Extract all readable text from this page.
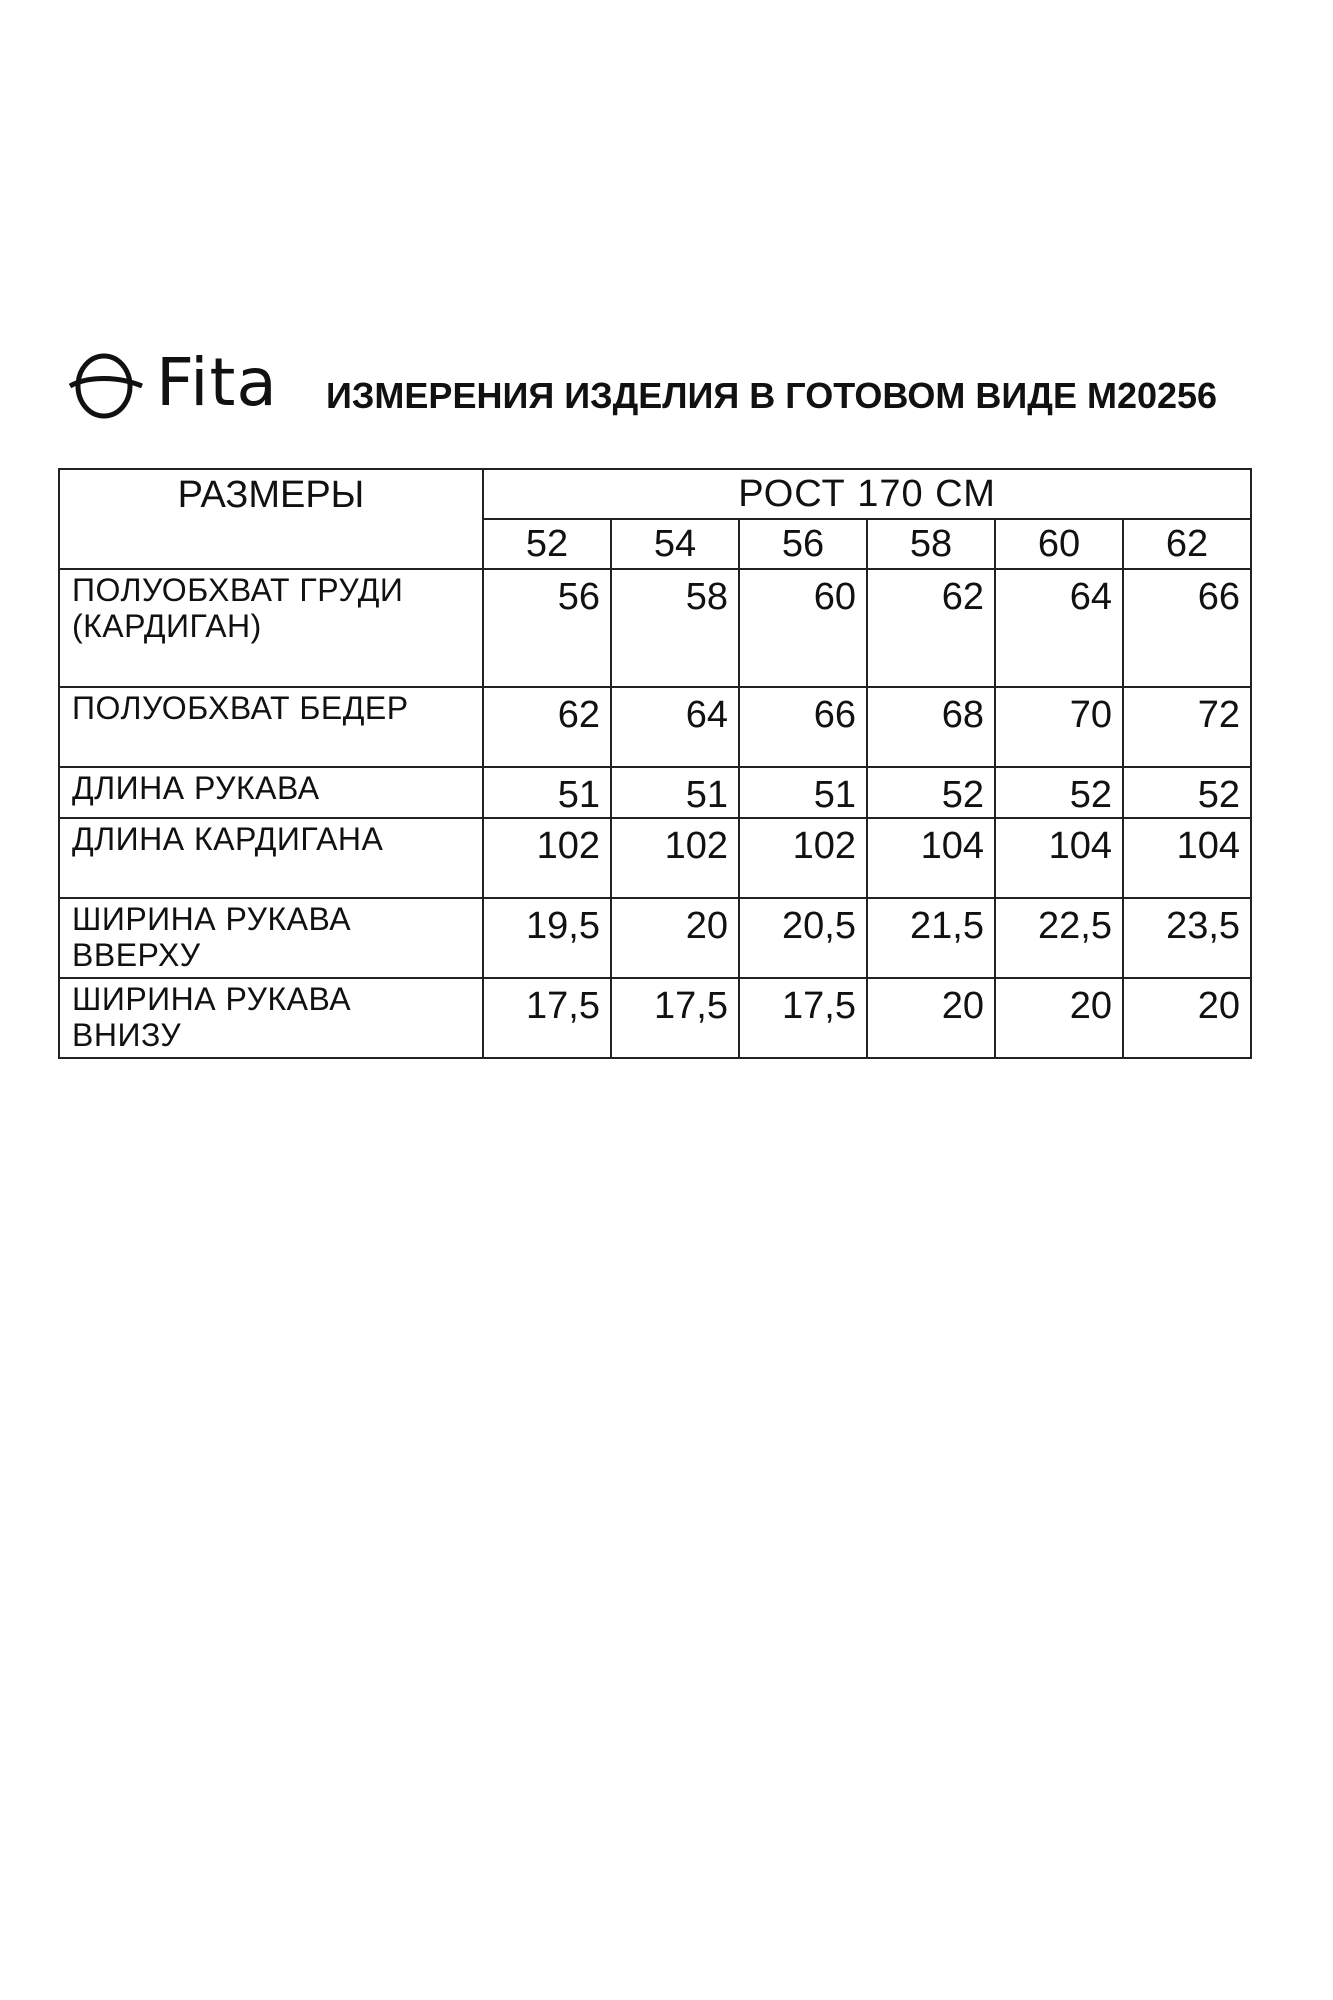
Fita ИЗМЕРЕНИЯ ИЗДЕЛИЯ В ГОТОВОМ ВИДЕ М20256
РАЗМЕРЫ	РОСТ 170 СМ					
	52	54	56	58	60	62

ПОЛУОБХВАТ ГРУДИ
(КАРДИГАН)	56	58	60	62	64	66

ПОЛУОБХВАТ БЕДЕР	62	64	66	68	70	72

ДЛИНА РУКАВА	51	51	51	52	52	52

ДЛИНА КАРДИГАНА	102	102	102	104	104	104

ШИРИНА РУКАВА
ВВЕРХУ	19,5	20	20,5	21,5	22,5	23,5

ШИРИНА РУКАВА
ВНИЗУ	17,5	17,5	17,5	20	20	20
